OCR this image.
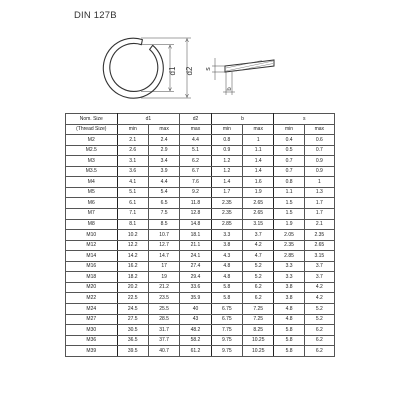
DIN 127B
d1 d2 s
b
Nom. Size	d1		d2	b		s	
(Thread Size)	min	max	max	min	max	min	max
M2	2.1	2.4	4.4	0.8	1	0.4	0.6
M2.5	2.6	2.9	5.1	0.9	1.1	0.5	0.7
M3	3.1	3.4	6.2	1.2	1.4	0.7	0.9
M3.5	3.6	3.9	6.7	1.2	1.4	0.7	0.9
M4	4.1	4.4	7.6	1.4	1.6	0.8	1
M5	5.1	5.4	9.2	1.7	1.9	1.1	1.3
M6	6.1	6.5	11.8	2.35	2.65	1.5	1.7
M7	7.1	7.5	12.8	2.35	2.65	1.5	1.7
M8	8.1	8.5	14.8	2.85	3.15	1.9	2.1
M10	10.2	10.7	18.1	3.3	3.7	2.05	2.35
M12	12.2	12.7	21.1	3.8	4.2	2.35	2.65
M14	14.2	14.7	24.1	4.3	4.7	2.85	3.15
M16	16.2	17	27.4	4.8	5.2	3.3	3.7
M18	18.2	19	29.4	4.8	5.2	3.3	3.7
M20	20.2	21.2	33.6	5.8	6.2	3.8	4.2
M22	22.5	23.5	35.9	5.8	6.2	3.8	4.2
M24	24.5	25.5	40	6.75	7.25	4.8	5.2
M27	27.5	28.5	43	6.75	7.25	4.8	5.2
M30	30.5	31.7	48.2	7.75	8.25	5.8	6.2
M36	36.5	37.7	58.2	9.75	10.25	5.8	6.2
M39	39.5	40.7	61.2	9.75	10.25	5.8	6.2
